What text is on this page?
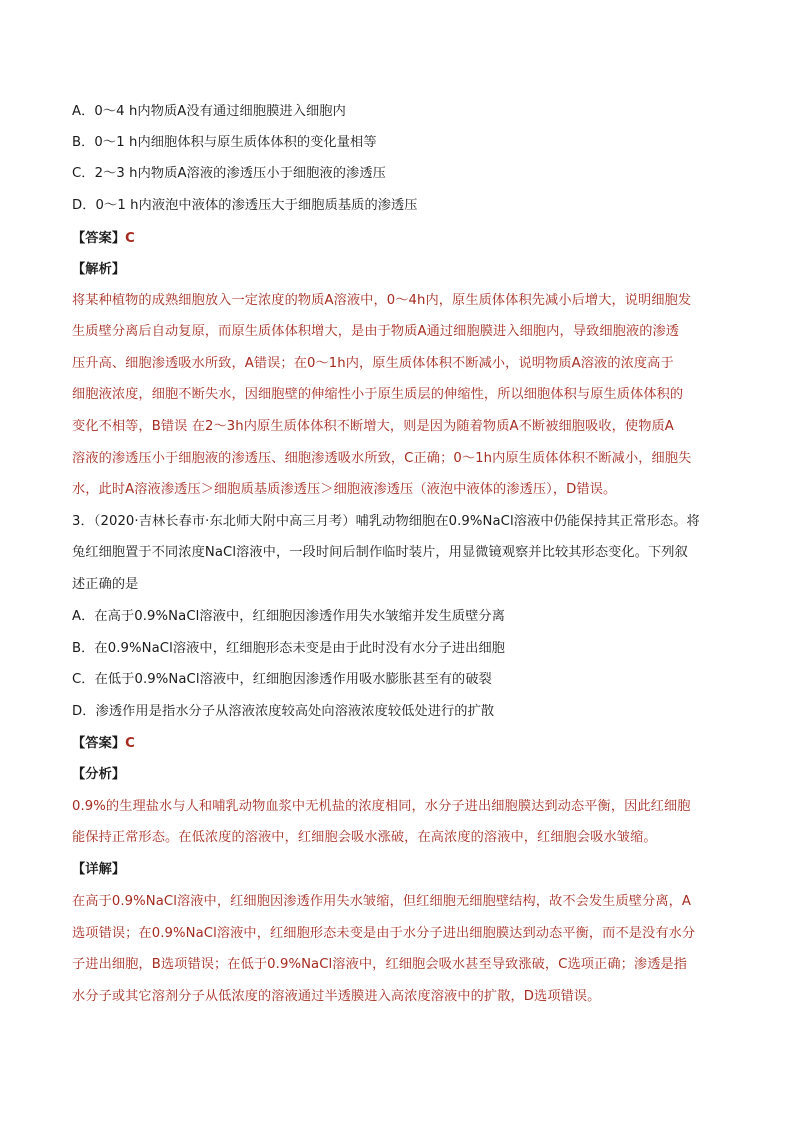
A．0～4 h内物质A没有通过细胞膜进入细胞内
B．0～1 h内细胞体积与原生质体体积的变化量相等
C．2～3 h内物质A溶液的渗透压小于细胞液的渗透压
D．0～1 h内液泡中液体的渗透压大于细胞质基质的渗透压
【答案】C
【解析】
将某种植物的成熟细胞放入一定浓度的物质A溶液中，0～4h内，原生质体体积先减小后增大，说明细胞发
生质壁分离后自动复原，而原生质体体积增大，是由于物质A通过细胞膜进入细胞内，导致细胞液的渗透
压升高、细胞渗透吸水所致，A错误；在0～1h内，原生质体体积不断减小，说明物质A溶液的浓度高于
细胞液浓度，细胞不断失水，因细胞壁的伸缩性小于原生质层的伸缩性，所以细胞体积与原生质体体积的
变化不相等，B错误 在2～3h内原生质体体积不断增大，则是因为随着物质A不断被细胞吸收，使物质A
溶液的渗透压小于细胞液的渗透压、细胞渗透吸水所致，C正确；0～1h内原生质体体积不断减小，细胞失
水，此时A溶液渗透压＞细胞质基质渗透压＞细胞液渗透压（液泡中液体的渗透压），D错误。
3．（2020·吉林长春市·东北师大附中高三月考）哺乳动物细胞在0.9%NaCl溶液中仍能保持其正常形态。将
兔红细胞置于不同浓度NaCl溶液中，一段时间后制作临时装片，用显微镜观察并比较其形态变化。下列叙
述正确的是
A．在高于0.9%NaCl溶液中，红细胞因渗透作用失水皱缩并发生质壁分离
B．在0.9%NaCl溶液中，红细胞形态未变是由于此时没有水分子进出细胞
C．在低于0.9%NaCl溶液中，红细胞因渗透作用吸水膨胀甚至有的破裂
D．渗透作用是指水分子从溶液浓度较高处向溶液浓度较低处进行的扩散
【答案】C
【分析】
0.9%的生理盐水与人和哺乳动物血浆中无机盐的浓度相同，水分子进出细胞膜达到动态平衡，因此红细胞
能保持正常形态。在低浓度的溶液中，红细胞会吸水涨破，在高浓度的溶液中，红细胞会吸水皱缩。
【详解】
在高于0.9%NaCl溶液中，红细胞因渗透作用失水皱缩，但红细胞无细胞壁结构，故不会发生质壁分离，A
选项错误；在0.9%NaCl溶液中，红细胞形态未变是由于水分子进出细胞膜达到动态平衡，而不是没有水分
子进出细胞，B选项错误；在低于0.9%NaCl溶液中，红细胞会吸水甚至导致涨破，C选项正确；渗透是指
水分子或其它溶剂分子从低浓度的溶液通过半透膜进入高浓度溶液中的扩散，D选项错误。
